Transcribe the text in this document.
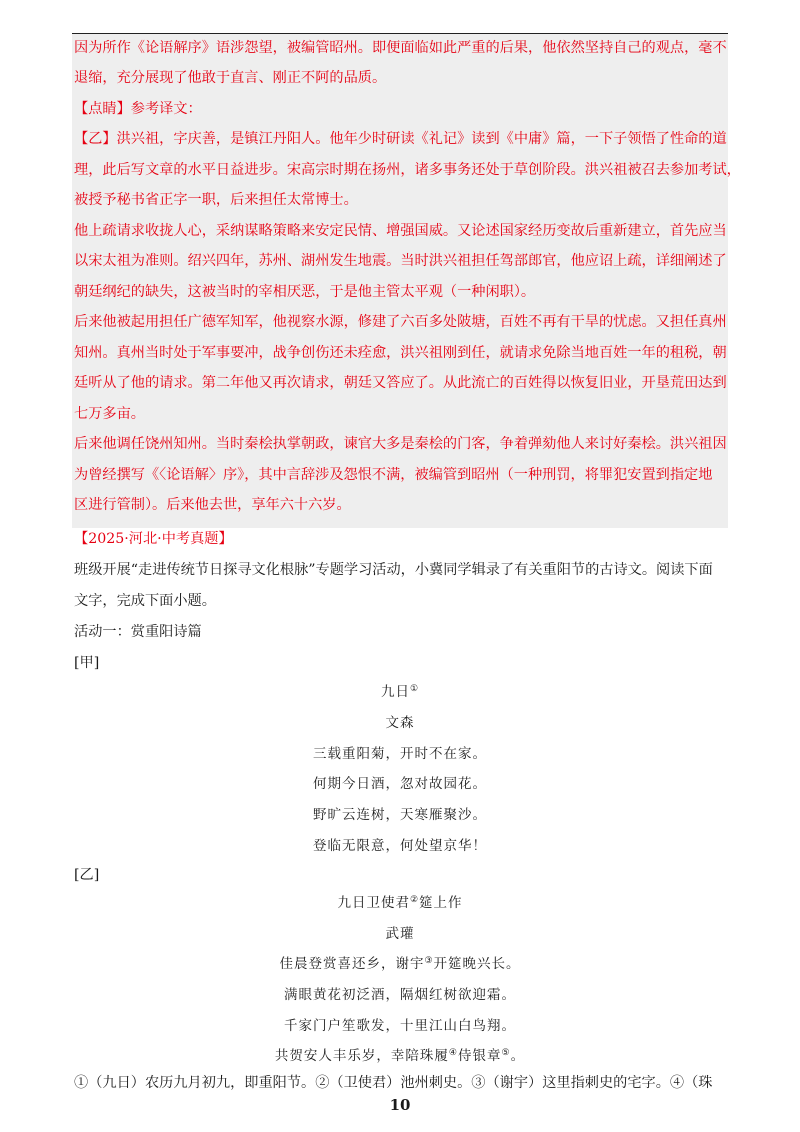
因为所作《论语解序》语涉怨望，被编管昭州。即便面临如此严重的后果，他依然坚持自己的观点，毫不
退缩，充分展现了他敢于直言、刚正不阿的品质。
【点睛】参考译文：
【乙】洪兴祖，字庆善，是镇江丹阳人。他年少时研读《礼记》读到《中庸》篇，一下子领悟了性命的道
理，此后写文章的水平日益进步。宋高宗时期在扬州，诸多事务还处于草创阶段。洪兴祖被召去参加考试，
被授予秘书省正字一职，后来担任太常博士。
他上疏请求收拢人心，采纳谋略策略来安定民情、增强国威。又论述国家经历变故后重新建立，首先应当
以宋太祖为准则。绍兴四年，苏州、湖州发生地震。当时洪兴祖担任驾部郎官，他应诏上疏，详细阐述了
朝廷纲纪的缺失，这被当时的宰相厌恶，于是他主管太平观（一种闲职）。
后来他被起用担任广德军知军，他视察水源，修建了六百多处陂塘，百姓不再有干旱的忧虑。又担任真州
知州。真州当时处于军事要冲，战争创伤还未痊愈，洪兴祖刚到任，就请求免除当地百姓一年的租税，朝
廷听从了他的请求。第二年他又再次请求，朝廷又答应了。从此流亡的百姓得以恢复旧业，开垦荒田达到
七万多亩。
后来他调任饶州知州。当时秦桧执掌朝政，谏官大多是秦桧的门客，争着弹劾他人来讨好秦桧。洪兴祖因
为曾经撰写《〈论语解〉序》，其中言辞涉及怨恨不满，被编管到昭州（一种刑罚，将罪犯安置到指定地
区进行管制）。后来他去世，享年六十六岁。
【2025·河北·中考真题】
班级开展“走进传统节日探寻文化根脉”专题学习活动，小冀同学辑录了有关重阳节的古诗文。阅读下面
文字，完成下面小题。
活动一：赏重阳诗篇
[甲]
九日①
文森
三载重阳菊，开时不在家。
何期今日酒，忽对故园花。
野旷云连树，天寒雁聚沙。
登临无限意，何处望京华！
[乙]
九日卫使君②筵上作
武瓘
佳晨登赏喜还乡，谢宇③开筵晚兴长。
满眼黄花初泛酒，隔烟红树欲迎霜。
千家门户笙歌发，十里江山白鸟翔。
共贺安人丰乐岁，幸陪珠履④侍银章⑤。
①（九日）农历九月初九，即重阳节。②（卫使君）池州刺史。③（谢宇）这里指刺史的宅字。④（珠
10
